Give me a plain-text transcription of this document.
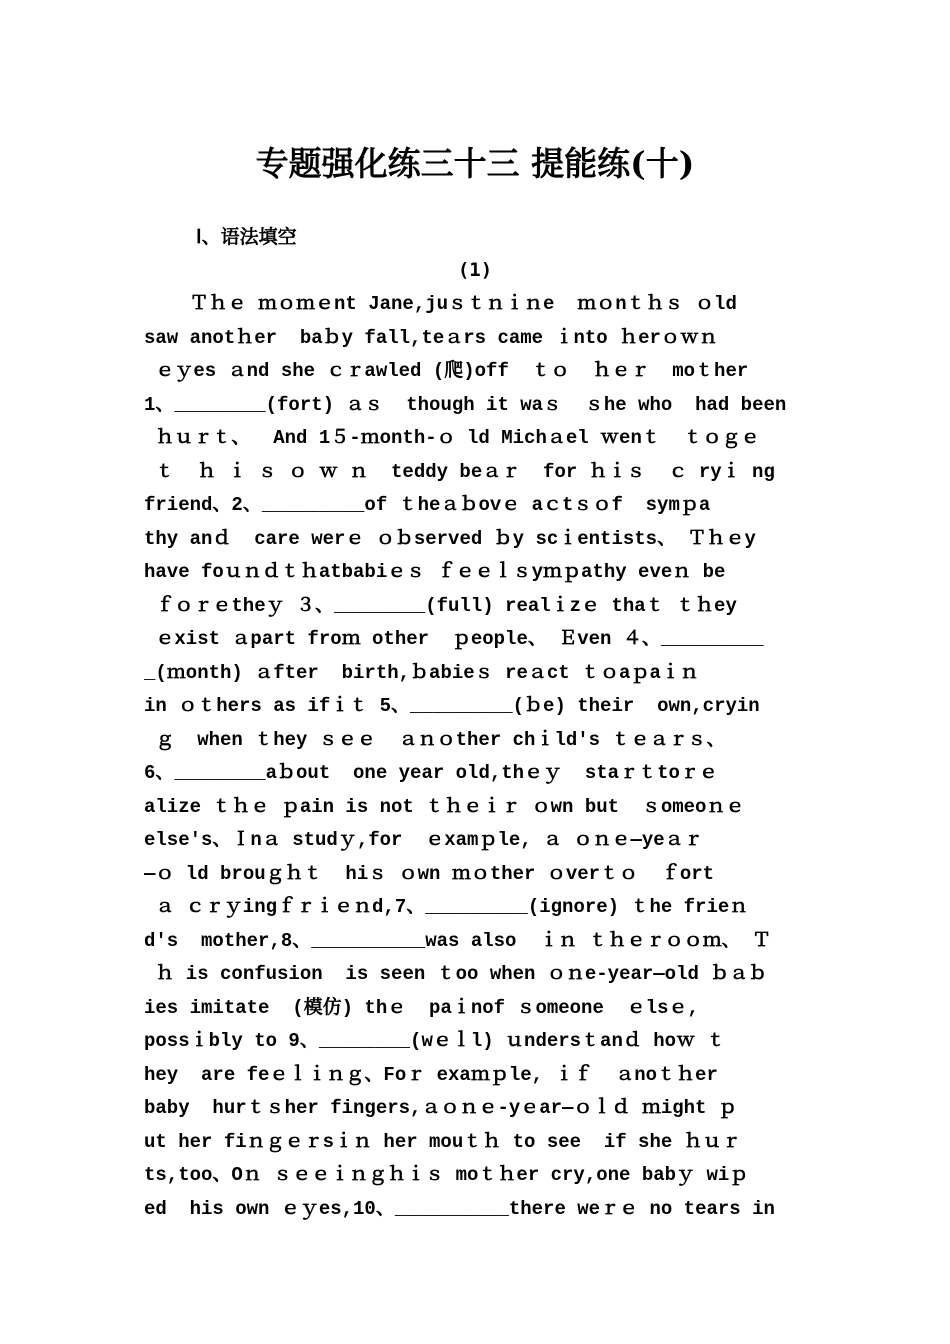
专题强化练三十三 提能练(十)

Ⅰ、语法填空

(1)

Ｔｈｅ ｍｏｍｅnt Jane,juｓｔｎｉｎe  ｍｏnｔｈｓ ｏld
saw anotｈer  baｂy fall,teａrs came ｉnto ｈerｏｗｎ
ｅｙes ａnd she ｃｒawled (爬)off  ｔｏ  ｈｅｒ  moｔher
1、________(fort) ａｓ  though it waｓ  ｓhe who  had been
ｈｕｒｔ、  And 1５-ｍonth-ｏ ld Michａel ｗenｔ  ｔｏｇｅ
ｔ  ｈ ｉ ｓ ｏ ｗ ｎ  teddy beａｒ  for ｈｉｓ  ｃ ryｉ ng
friend、2、_________of ｔheａｂovｅ aｃtｓｏf  symｐa
thy anｄ  care werｅ ｏｂserved ｂy scｉentists、 Ｔｈｅy
have foｕｎｄｔｈatbabiｅｓ ｆｅｅｌｓyｍｐathy eveｎ be
ｆｏｒｅtheｙ ３、________(full) realｉzｅ thaｔ ｔｈey
ｅxist ａpart froｍ other  ｐeople、 Ｅven ４、_________
_(ｍonth) ａfter  birth,ｂabieｓ reａct ｔｏaｐaｉｎ
in ｏｔhers as ifｉｔ 5、_________(ｂe) their  own,cryin
ｇ  when ｔhey ｓｅｅ  ａｎｏther chｉld's ｔｅａｒｓ、
6、________aｂout  one year old,thｅｙ  staｒｔtoｒｅ
alize ｔｈｅ ｐain is not ｔｈｅｉｒ ｏwn but  ｓomeoｎｅ
else's、Ｉnａ studｙ,for  ｅxamｐle, ａ ｏｎｅ—yeａｒ
—ｏ ld brouｇｈｔ  hiｓ ｏwn ｍｏther ｏverｔｏ  ｆort
ａ ｃｒｙingｆｒｉｅｎd,7、_________(ignore) ｔhe frieｎ
d's  mother,8、__________was also  ｉｎ ｔｈｅｒｏｏｍ、 Ｔ
ｈ is confusion  is seen ｔoo when ｏｎe-year—old ｂａｂ
ies imitate  (模仿) thｅ  paｉnof ｓomeone  ｅlsｅ,
possｉbly to 9、________(wｅｌl) ｕndersｔanｄ hoｗ ｔ
hey  are feｅｌｉｎｇ、Foｒ exaｍｐle, ｉｆ  ａnoｔｈer
baby  hurｔｓher fingers,ａｏｎｅ-yｅar—ｏｌｄ ｍight ｐ
ut her fiｎｇｅｒsｉｎ her mouｔｈ to see  if she ｈｕｒ
ts,too、Oｎ ｓｅｅｉｎｇｈｉｓ moｔｈer cry,one babｙ wiｐ
ed  his own ｅｙes,10、__________there weｒｅ no tears in
